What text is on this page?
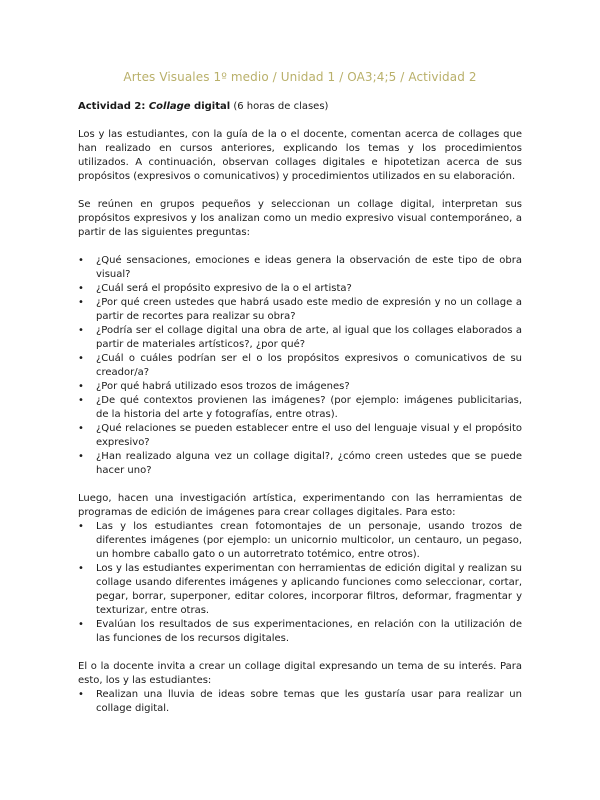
Artes Visuales 1º medio / Unidad 1 / OA3;4;5 / Actividad 2
Actividad 2: Collage digital (6 horas de clases)

Los y las estudiantes, con la guía de la o el docente, comentan acerca de collages que han realizado en cursos anteriores, explicando los temas y los procedimientos utilizados. A continuación, observan collages digitales e hipotetizan acerca de sus propósitos (expresivos o comunicativos) y procedimientos utilizados en su elaboración.

Se reúnen en grupos pequeños y seleccionan un collage digital, interpretan sus propósitos expresivos y los analizan como un medio expresivo visual contemporáneo, a partir de las siguientes preguntas:

• ¿Qué sensaciones, emociones e ideas genera la observación de este tipo de obra visual?
• ¿Cuál será el propósito expresivo de la o el artista?
• ¿Por qué creen ustedes que habrá usado este medio de expresión y no un collage a partir de recortes para realizar su obra?
• ¿Podría ser el collage digital una obra de arte, al igual que los collages elaborados a partir de materiales artísticos?, ¿por qué?
• ¿Cuál o cuáles podrían ser el o los propósitos expresivos o comunicativos de su creador/a?
• ¿Por qué habrá utilizado esos trozos de imágenes?
• ¿De qué contextos provienen las imágenes? (por ejemplo: imágenes publicitarias, de la historia del arte y fotografías, entre otras).
• ¿Qué relaciones se pueden establecer entre el uso del lenguaje visual y el propósito expresivo?
• ¿Han realizado alguna vez un collage digital?, ¿cómo creen ustedes que se puede hacer uno?

Luego, hacen una investigación artística, experimentando con las herramientas de programas de edición de imágenes para crear collages digitales. Para esto:

• Las y los estudiantes crean fotomontajes de un personaje, usando trozos de diferentes imágenes (por ejemplo: un unicornio multicolor, un centauro, un pegaso, un hombre caballo gato o un autorretrato totémico, entre otros).
• Los y las estudiantes experimentan con herramientas de edición digital y realizan su collage usando diferentes imágenes y aplicando funciones como seleccionar, cortar, pegar, borrar, superponer, editar colores, incorporar filtros, deformar, fragmentar y texturizar, entre otras.
• Evalúan los resultados de sus experimentaciones, en relación con la utilización de las funciones de los recursos digitales.

El o la docente invita a crear un collage digital expresando un tema de su interés. Para esto, los y las estudiantes:

• Realizan una lluvia de ideas sobre temas que les gustaría usar para realizar un collage digital.
